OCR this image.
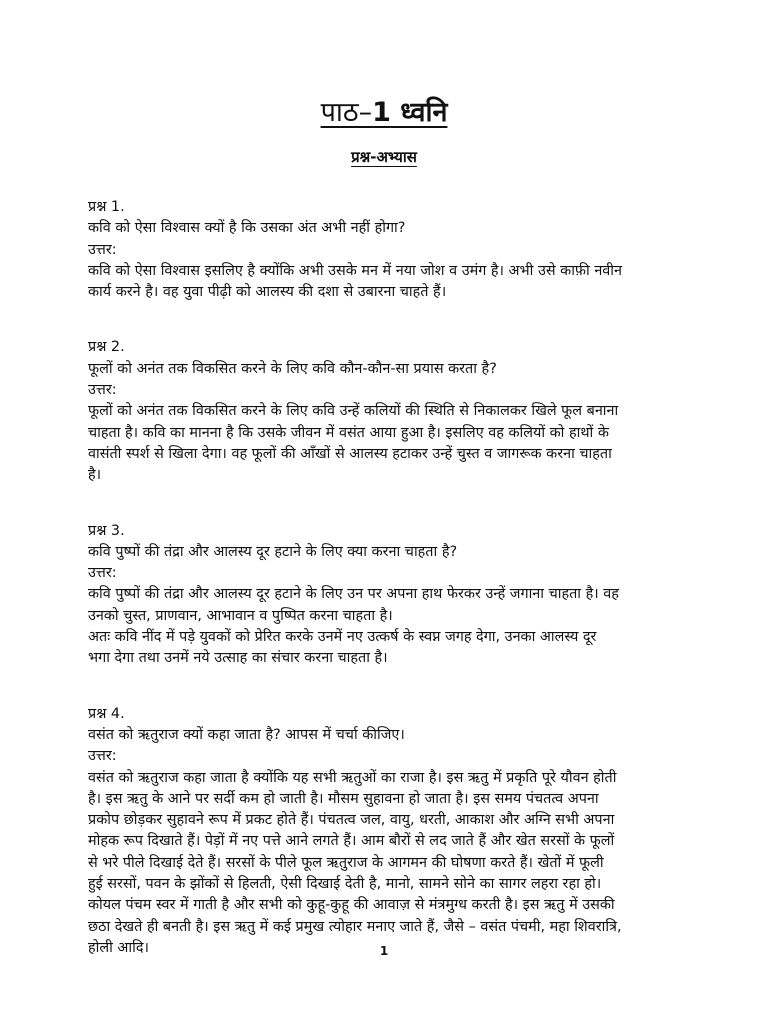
पाठ–1 ध्वनि
प्रश्न-अभ्यास

प्रश्न 1.

कवि को ऐसा विश्वास क्यों है कि उसका अंत अभी नहीं होगा?

उत्तर:

कवि को ऐसा विश्वास इसलिए है क्योंकि अभी उसके मन में नया जोश व उमंग है। अभी उसे काफ़ी नवीन

कार्य करने है। वह युवा पीढ़ी को आलस्य की दशा से उबारना चाहते हैं।

प्रश्न 2.

फूलों को अनंत तक विकसित करने के लिए कवि कौन-कौन-सा प्रयास करता है?

उत्तर:

फूलों को अनंत तक विकसित करने के लिए कवि उन्हें कलियों की स्थिति से निकालकर खिले फूल बनाना

चाहता है। कवि का मानना है कि उसके जीवन में वसंत आया हुआ है। इसलिए वह कलियों को हाथों के

वासंती स्पर्श से खिला देगा। वह फूलों की आँखों से आलस्य हटाकर उन्हें चुस्त व जागरूक करना चाहता

है।

प्रश्न 3.

कवि पुष्पों की तंद्रा और आलस्य दूर हटाने के लिए क्या करना चाहता है?

उत्तर:

कवि पुष्पों की तंद्रा और आलस्य दूर हटाने के लिए उन पर अपना हाथ फेरकर उन्हें जगाना चाहता है। वह

उनको चुस्त, प्राणवान, आभावान व पुष्पित करना चाहता है।

अतः कवि नींद में पड़े युवकों को प्रेरित करके उनमें नए उत्कर्ष के स्वप्न जगह देगा, उनका आलस्य दूर

भगा देगा तथा उनमें नये उत्साह का संचार करना चाहता है।

प्रश्न 4.

वसंत को ऋतुराज क्यों कहा जाता है? आपस में चर्चा कीजिए।

उत्तर:

वसंत को ऋतुराज कहा जाता है क्योंकि यह सभी ऋतुओं का राजा है। इस ऋतु में प्रकृति पूरे यौवन होती

है। इस ऋतु के आने पर सर्दी कम हो जाती है। मौसम सुहावना हो जाता है। इस समय पंचतत्व अपना

प्रकोप छोड़कर सुहावने रूप में प्रकट होते हैं। पंचतत्व जल, वायु, धरती, आकाश और अग्नि सभी अपना

मोहक रूप दिखाते हैं। पेड़ों में नए पत्ते आने लगते हैं। आम बौरों से लद जाते हैं और खेत सरसों के फूलों

से भरे पीले दिखाई देते हैं। सरसों के पीले फूल ऋतुराज के आगमन की घोषणा करते हैं। खेतों में फूली

हुई सरसों, पवन के झोंकों से हिलती, ऐसी दिखाई देती है, मानो, सामने सोने का सागर लहरा रहा हो।

कोयल पंचम स्वर में गाती है और सभी को कुहू-कुहू की आवाज़ से मंत्रमुग्ध करती है। इस ऋतु में उसकी

छठा देखते ही बनती है। इस ऋतु में कई प्रमुख त्योहार मनाए जाते हैं, जैसे – वसंत पंचमी, महा शिवरात्रि,

होली आदि।	1
